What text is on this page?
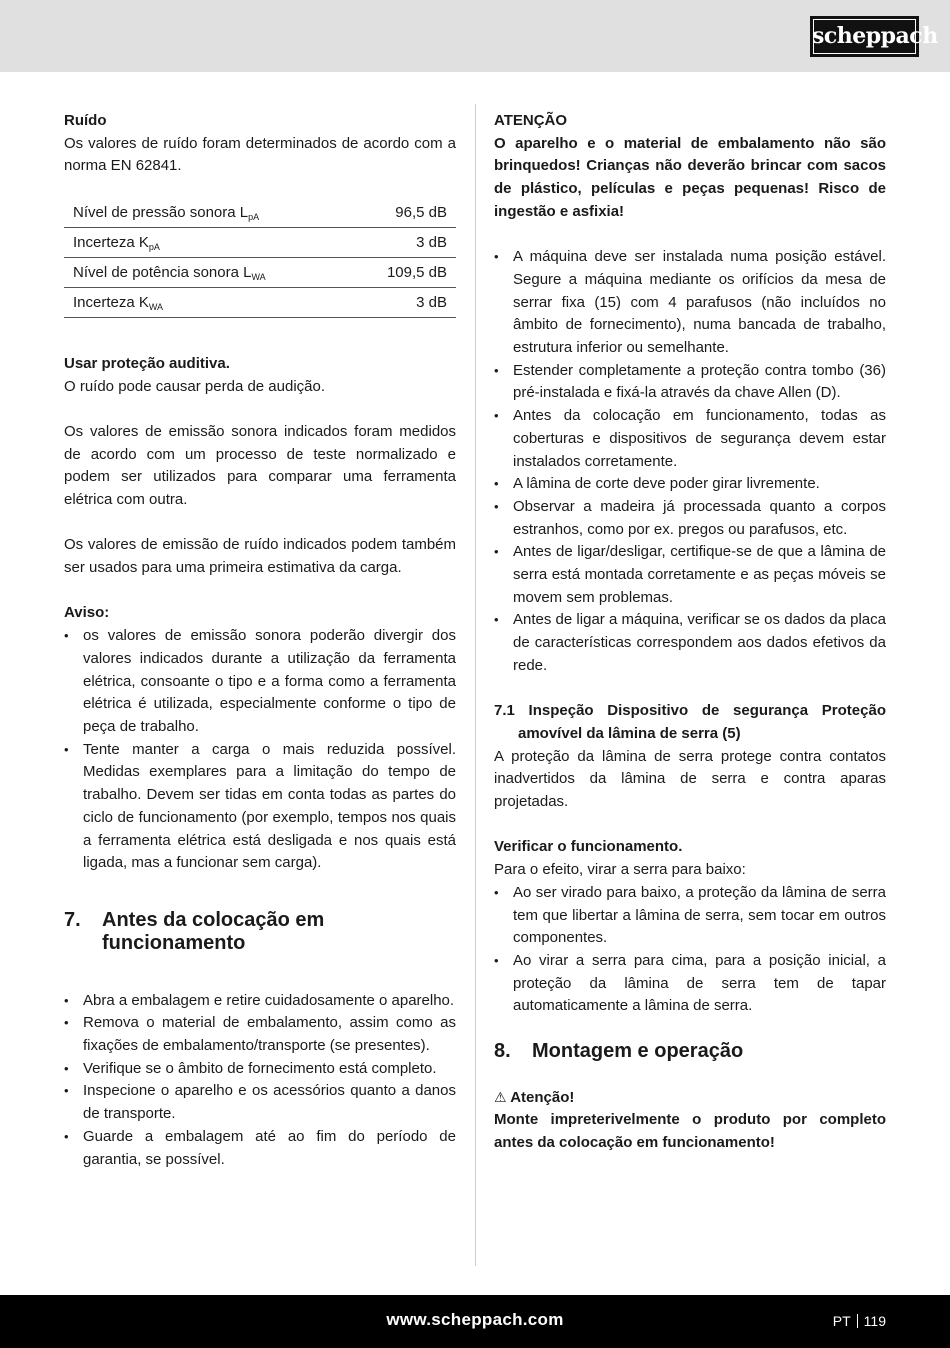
scheppach

Ruído

Os valores de ruído foram determinados de acordo com a norma EN 62841.

Nível de pressão sonora $L_{pA}$	96,5 dB
Incerteza $K_{pA}$	3 dB
Nível de potência sonora $L_{WA}$	109,5 dB
Incerteza $K_{WA}$	3 dB

Usar proteção auditiva.

O ruído pode causar perda de audição.

Os valores de emissão sonora indicados foram medidos de acordo com um processo de teste normalizado e podem ser utilizados para comparar uma ferramenta elétrica com outra.

Os valores de emissão de ruído indicados podem também ser usados para uma primeira estimativa da carga.

Aviso:

• os valores de emissão sonora poderão divergir dos valores indicados durante a utilização da ferramenta elétrica, consoante o tipo e a forma como a ferramenta elétrica é utilizada, especialmente conforme o tipo de peça de trabalho.
• Tente manter a carga o mais reduzida possível. Medidas exemplares para a limitação do tempo de trabalho. Devem ser tidas em conta todas as partes do ciclo de funcionamento (por exemplo, tempos nos quais a ferramenta elétrica está desligada e nos quais está ligada, mas a funcionar sem carga).
7. Antes da colocação em funcionamento
• Abra a embalagem e retire cuidadosamente o aparelho.
• Remova o material de embalamento, assim como as fixações de embalamento/transporte (se presentes).
• Verifique se o âmbito de fornecimento está completo.
• Inspecione o aparelho e os acessórios quanto a danos de transporte.
• Guarde a embalagem até ao fim do período de garantia, se possível.

ATENÇÃO

O aparelho e o material de embalamento não são brinquedos! Crianças não deverão brincar com sacos de plástico, películas e peças pequenas! Risco de ingestão e asfixia!

• A máquina deve ser instalada numa posição estável. Segure a máquina mediante os orifícios da mesa de serrar fixa (15) com 4 parafusos (não incluídos no âmbito de fornecimento), numa bancada de trabalho, estrutura inferior ou semelhante.
• Estender completamente a proteção contra tombo (36) pré-instalada e fixá-la através da chave Allen (D).
• Antes da colocação em funcionamento, todas as coberturas e dispositivos de segurança devem estar instalados corretamente.
• A lâmina de corte deve poder girar livremente.
• Observar a madeira já processada quanto a corpos estranhos, como por ex. pregos ou parafusos, etc.
• Antes de ligar/desligar, certifique-se de que a lâmina de serra está montada corretamente e as peças móveis se movem sem problemas.
• Antes de ligar a máquina, verificar se os dados da placa de características correspondem aos dados efetivos da rede.
7.1 Inspeção Dispositivo de segurança Proteção amovível da lâmina de serra (5)

A proteção da lâmina de serra protege contra contatos inadvertidos da lâmina de serra e contra aparas projetadas.

Verificar o funcionamento.

Para o efeito, virar a serra para baixo:

• Ao ser virado para baixo, a proteção da lâmina de serra tem que libertar a lâmina de serra, sem tocar em outros componentes.
• Ao virar a serra para cima, para a posição inicial, a proteção da lâmina de serra tem de tapar automaticamente a lâmina de serra.
8. Montagem e operação

⚠ Atenção!

Monte impreterivelmente o produto por completo antes da colocação em funcionamento!

www.scheppach.com	PT 119
